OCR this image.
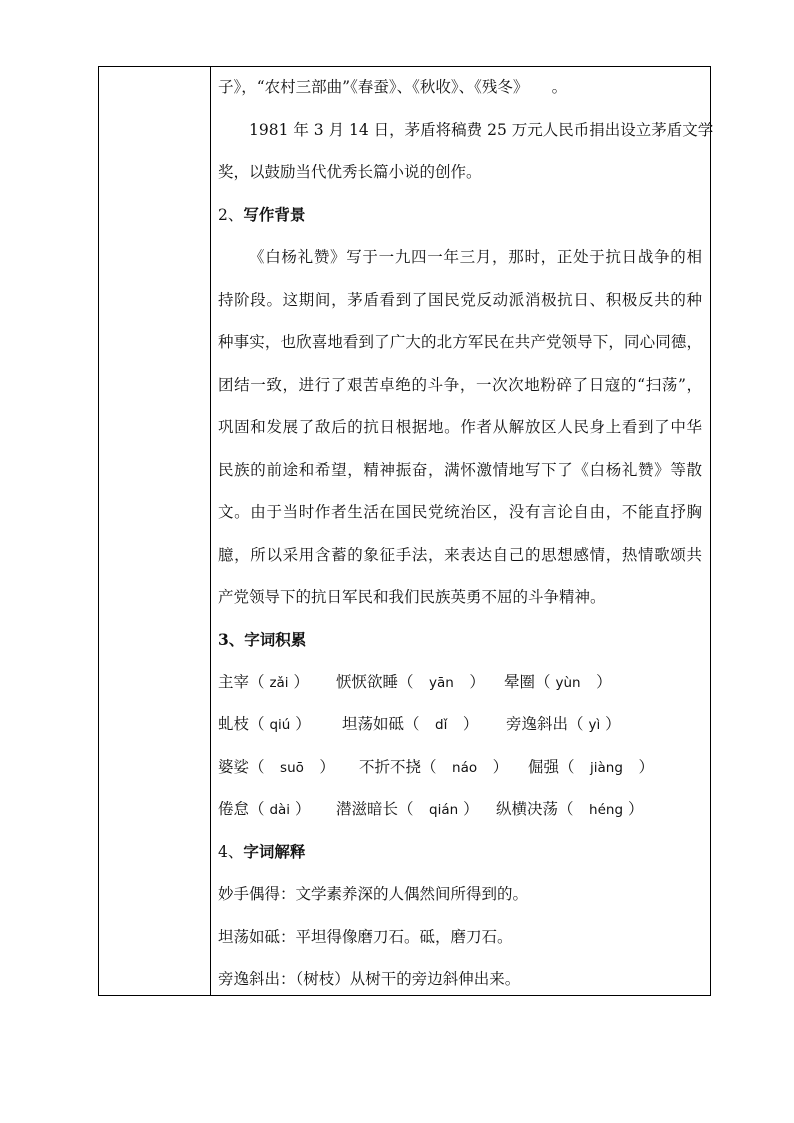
子》，“农村三部曲”《春蚕》、《秋收》、《残冬》　　。
1981 年 3 月 14 日，茅盾将稿费 25 万元人民币捐出设立茅盾文学
奖，以鼓励当代优秀长篇小说的创作。
2、写作背景
《白杨礼赞》写于一九四一年三月，那时，正处于抗日战争的相
持阶段。这期间，茅盾看到了国民党反动派消极抗日、积极反共的种
种事实，也欣喜地看到了广大的北方军民在共产党领导下，同心同德，
团结一致，进行了艰苦卓绝的斗争，一次次地粉碎了日寇的“扫荡”，
巩固和发展了敌后的抗日根据地。作者从解放区人民身上看到了中华
民族的前途和希望，精神振奋，满怀激情地写下了《白杨礼赞》等散
文。由于当时作者生活在国民党统治区，没有言论自由，不能直抒胸
臆，所以采用含蓄的象征手法，来表达自己的思想感情，热情歌颂共
产党领导下的抗日军民和我们民族英勇不屈的斗争精神。
3、字词积累
主宰（ zǎi ） 恹恹欲睡（　yān　） 晕圈（ yùn　）
虬枝（ qiú ） 坦荡如砥（　dǐ　） 旁逸斜出（ yì ）
婆娑（　suō　） 不折不挠（　náo　） 倔强（　jiàng　）
倦怠（ dài ） 潜滋暗长（　qián ） 纵横决荡（　héng ）
4、字词解释
妙手偶得：文学素养深的人偶然间所得到的。
坦荡如砥：平坦得像磨刀石。砥，磨刀石。
旁逸斜出：（树枝）从树干的旁边斜伸出来。
